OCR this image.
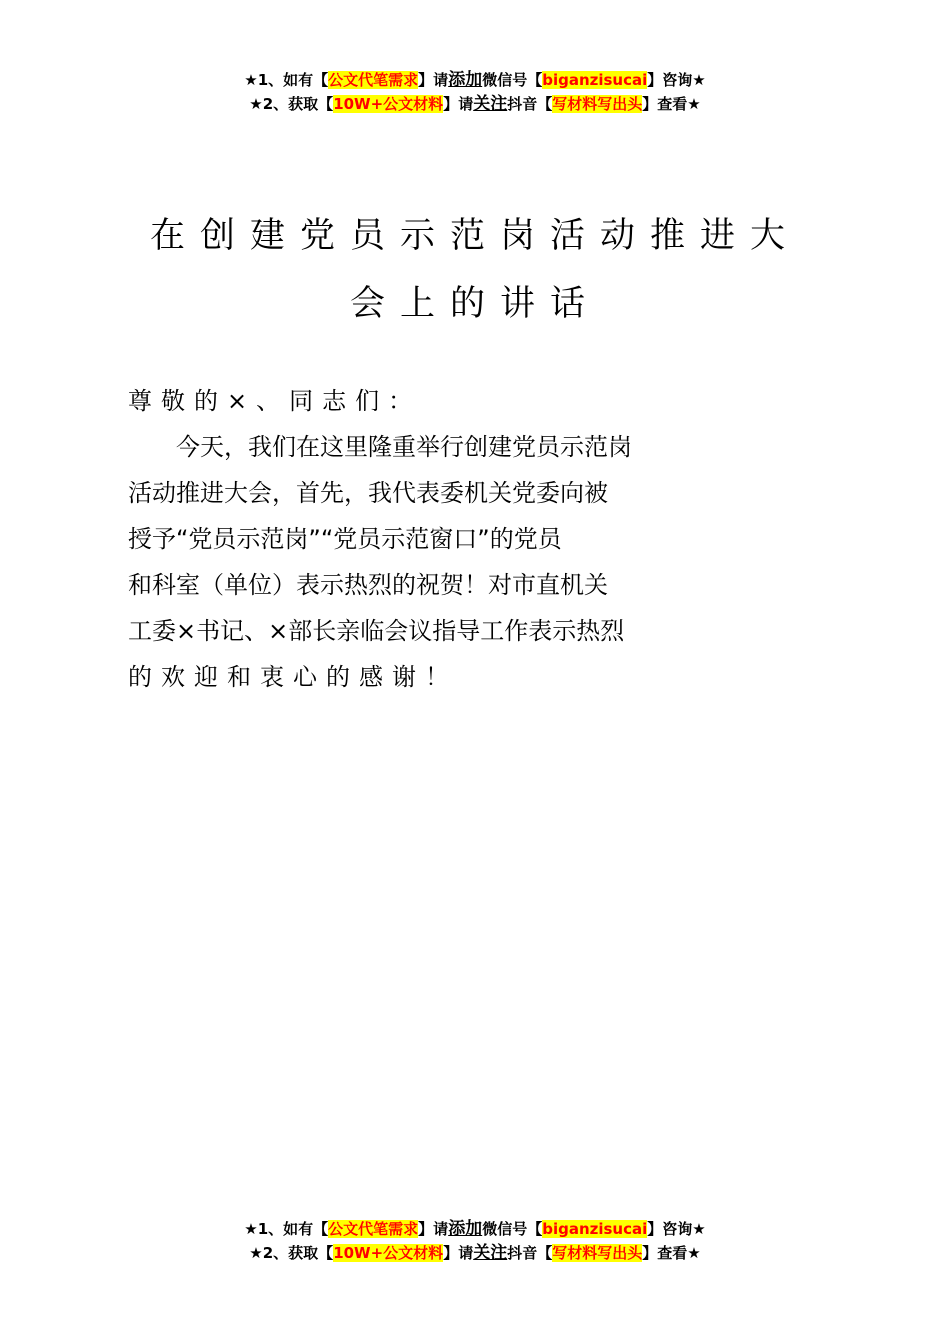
★1、如有【公文代笔需求】请添加微信号【biganzisucai】咨询★
★2、获取【10W+公文材料】请关注抖音【写材料写出头】查看★
在创建党员示范岗活动推进大
会上的讲话
尊敬的×、同志们：
今天，我们在这里隆重举行创建党员示范岗
活动推进大会，首先，我代表委机关党委向被
授予“党员示范岗”“党员示范窗口”的党员
和科室（单位）表示热烈的祝贺！对市直机关
工委×书记、×部长亲临会议指导工作表示热烈
的欢迎和衷心的感谢！
★1、如有【公文代笔需求】请添加微信号【biganzisucai】咨询★
★2、获取【10W+公文材料】请关注抖音【写材料写出头】查看★
